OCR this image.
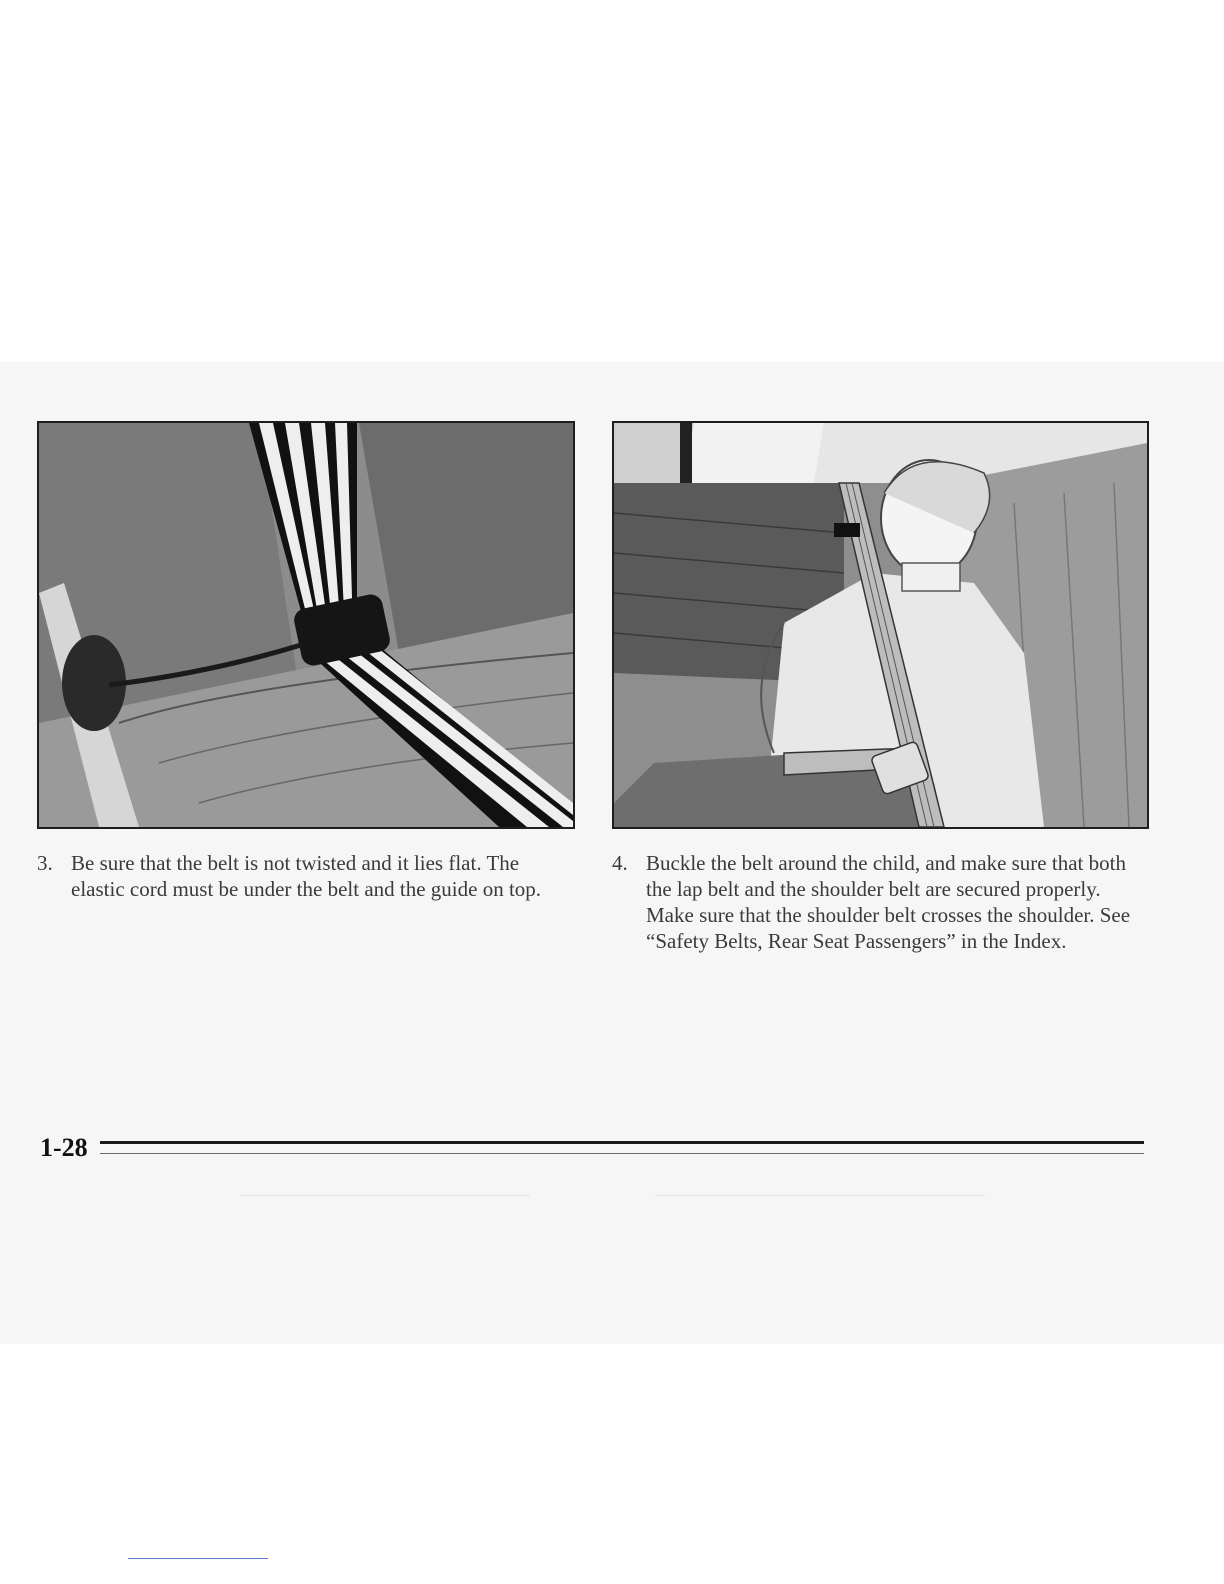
3. Be sure that the belt is not twisted and it lies flat. The elastic cord must be under the belt and the guide on top.
4. Buckle the belt around the child, and make sure that both the lap belt and the shoulder belt are secured properly. Make sure that the shoulder belt crosses the shoulder. See “Safety Belts, Rear Seat Passengers” in the Index.
1-28
